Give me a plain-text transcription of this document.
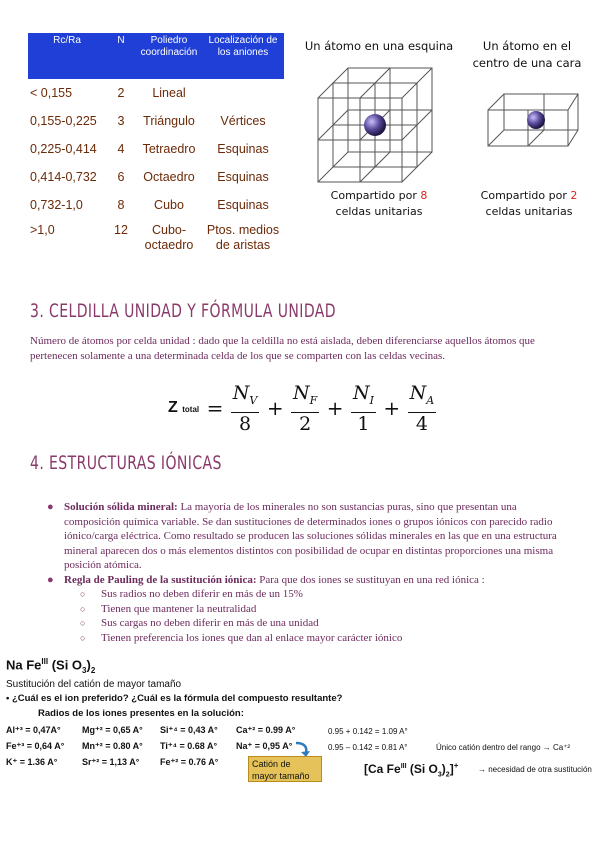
Rc/Ra	N	Poliedro coordinación	Localización de los aniones
< 0,155	2	Lineal	
0,155-0,225	3	Triángulo	Vértices
0,225-0,414	4	Tetraedro	Esquinas
0,414-0,732	6	Octaedro	Esquinas
0,732-1,0	8	Cubo	Esquinas
>1,0	12	Cubo-octaedro	Ptos. medios de aristas
Un átomo en una esquina
Compartido por 8
celdas unitarias
Un átomo en el
centro de una cara
Compartido por 2
celdas unitarias
3. CELDILLA UNIDAD Y FÓRMULA UNIDAD
Número de átomos por celda unidad : dado que la celdilla no está aislada, deben diferenciarse aquellos átomos que pertenecen solamente a una determinada celda de los que se comparten con las celdas vecinas.
Z total = $\frac{N_V}{8} + \frac{N_F}{2} + \frac{N_I}{1} + \frac{N_A}{4}$
4. ESTRUCTURAS IÓNICAS
● Solución sólida mineral: La mayoría de los minerales no son sustancias puras, sino que presentan una composición química variable. Se dan sustituciones de determinados iones o grupos iónicos con parecido radio iónico/carga eléctrica. Como resultado se producen las soluciones sólidas minerales en las que en una estructura mineral aparecen dos o más elementos distintos con posibilidad de ocupar en distintas proporciones una misma posición atómica.
● Regla de Pauling de la sustitución iónica: Para que dos iones se sustituyan en una red iónica :
○ Sus radios no deben diferir en más de un 15%
○ Tienen que mantener la neutralidad
○ Sus cargas no deben diferir en más de una unidad
○ Tienen preferencia los iones que dan al enlace mayor carácter iónico
Na $Fe^{III}$ (Si $O_3)_2$
Sustitución del catión de mayor tamaño
• ¿Cuál es el ion preferido? ¿Cuál es la fórmula del compuesto resultante?
Radios de los iones presentes en la solución:
Al⁺³ = 0,47A° Mg⁺² = 0,65 A° Si⁺⁴ = 0,43 A° Ca⁺² = 0.99 A°
Fe⁺³ = 0,64 A° Mn⁺² = 0.80 A° Ti⁺⁴ = 0.68 A° Na⁺ = 0,95 A°
K⁺ = 1.36 A°	Sr⁺² = 1,13 A° Fe⁺² = 0.76 A°	Catión de mayor tamaño
0.95 + 0.142 = 1.09 A°
0.95 – 0.142 = 0.81 A°	Único catión dentro del rango → Ca⁺²
[Ca $Fe^{III}$ (Si $O_3)_2]^+$ → necesidad de otra sustitución
